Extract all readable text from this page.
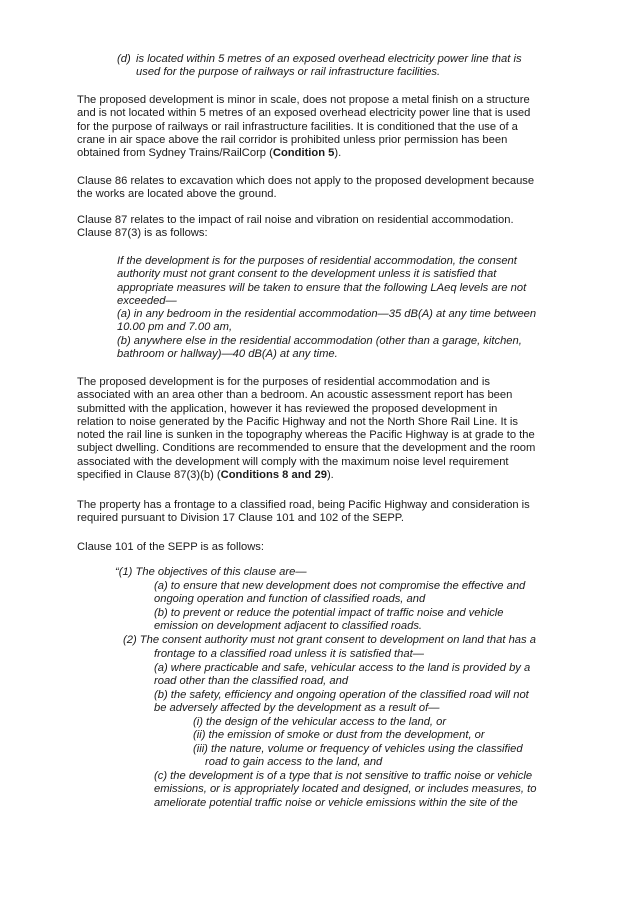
(d) is located within 5 metres of an exposed overhead electricity power line that is
used for the purpose of railways or rail infrastructure facilities.
The proposed development is minor in scale, does not propose a metal finish on a structure
and is not located within 5 metres of an exposed overhead electricity power line that is used
for the purpose of railways or rail infrastructure facilities. It is conditioned that the use of a
crane in air space above the rail corridor is prohibited unless prior permission has been
obtained from Sydney Trains/RailCorp (Condition 5).
Clause 86 relates to excavation which does not apply to the proposed development because
the works are located above the ground.
Clause 87 relates to the impact of rail noise and vibration on residential accommodation.
Clause 87(3) is as follows:
If the development is for the purposes of residential accommodation, the consent
authority must not grant consent to the development unless it is satisfied that
appropriate measures will be taken to ensure that the following LAeq levels are not
exceeded—
(a) in any bedroom in the residential accommodation—35 dB(A) at any time between
10.00 pm and 7.00 am,
(b) anywhere else in the residential accommodation (other than a garage, kitchen,
bathroom or hallway)—40 dB(A) at any time.
The proposed development is for the purposes of residential accommodation and is
associated with an area other than a bedroom. An acoustic assessment report has been
submitted with the application, however it has reviewed the proposed development in
relation to noise generated by the Pacific Highway and not the North Shore Rail Line. It is
noted the rail line is sunken in the topography whereas the Pacific Highway is at grade to the
subject dwelling. Conditions are recommended to ensure that the development and the room
associated with the development will comply with the maximum noise level requirement
specified in Clause 87(3)(b) (Conditions 8 and 29).
The property has a frontage to a classified road, being Pacific Highway and consideration is
required pursuant to Division 17 Clause 101 and 102 of the SEPP.
Clause 101 of the SEPP is as follows:
“(1) The objectives of this clause are—
(a) to ensure that new development does not compromise the effective and
ongoing operation and function of classified roads, and
(b) to prevent or reduce the potential impact of traffic noise and vehicle
emission on development adjacent to classified roads.
(2) The consent authority must not grant consent to development on land that has a
frontage to a classified road unless it is satisfied that—
(a) where practicable and safe, vehicular access to the land is provided by a
road other than the classified road, and
(b) the safety, efficiency and ongoing operation of the classified road will not
be adversely affected by the development as a result of—
(i) the design of the vehicular access to the land, or
(ii) the emission of smoke or dust from the development, or
(iii) the nature, volume or frequency of vehicles using the classified
road to gain access to the land, and
(c) the development is of a type that is not sensitive to traffic noise or vehicle
emissions, or is appropriately located and designed, or includes measures, to
ameliorate potential traffic noise or vehicle emissions within the site of the
